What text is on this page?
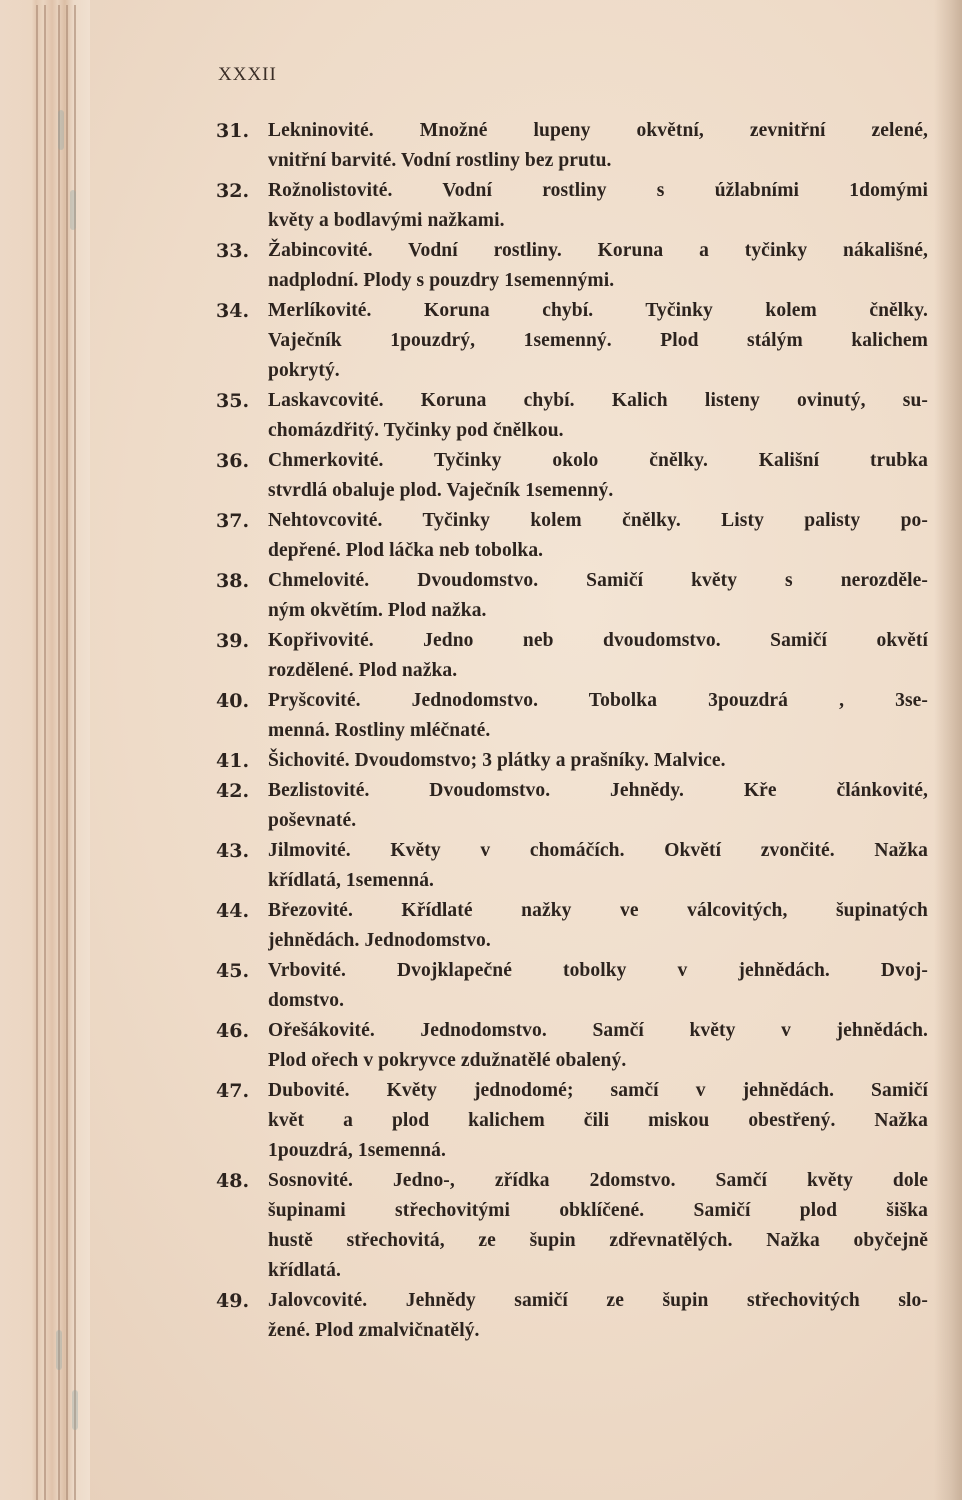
XXXII
31. Lekninovité. Množné lupeny okvětní, zevnitřní zelené,
vnitřní barvité. Vodní rostliny bez prutu.
32. Rožnolistovité. Vodní rostliny s úžlabními 1domými
květy a bodlavými nažkami.
33. Žabincovité. Vodní rostliny. Koruna a tyčinky nákališné,
nadplodní. Plody s pouzdry 1semennými.
34. Merlíkovité. Koruna chybí. Tyčinky kolem čnělky.
Vaječník 1pouzdrý, 1semenný. Plod stálým kalichem
pokrytý.
35. Laskavcovité. Koruna chybí. Kalich listeny ovinutý, su-
chomázdřitý. Tyčinky pod čnělkou.
36. Chmerkovité. Tyčinky okolo čnělky. Kališní trubka
stvrdlá obaluje plod. Vaječník 1semenný.
37. Nehtovcovité. Tyčinky kolem čnělky. Listy palisty po-
depřené. Plod láčka neb tobolka.
38. Chmelovité. Dvoudomstvo. Samičí květy s nerozděle-
ným okvětím. Plod nažka.
39. Kopřivovité. Jedno neb dvoudomstvo. Samičí okvětí
rozdělené. Plod nažka.
40. Pryšcovité. Jednodomstvo. Tobolka 3pouzdrá , 3se-
menná. Rostliny mléčnaté.
41. Šichovité. Dvoudomstvo; 3 plátky a prašníky. Malvice.
42. Bezlistovité. Dvoudomstvo. Jehnědy. Kře článkovité,
poševnaté.
43. Jilmovité. Květy v chomáčích. Okvětí zvončité. Nažka
křídlatá, 1semenná.
44. Březovité. Křídlaté nažky ve válcovitých, šupinatých
jehnědách. Jednodomstvo.
45. Vrbovité. Dvojklapečné tobolky v jehnědách. Dvoj-
domstvo.
46. Ořešákovité. Jednodomstvo. Samčí květy v jehnědách.
Plod ořech v pokryvce zdužnatělé obalený.
47. Dubovité. Květy jednodomé; samčí v jehnědách. Samičí
květ a plod kalichem čili miskou obestřený. Nažka
1pouzdrá, 1semenná.
48. Sosnovité. Jedno-, zřídka 2domstvo. Samčí květy dole
šupinami střechovitými obklíčené. Samičí plod šiška
hustě střechovitá, ze šupin zdřevnatělých. Nažka obyčejně
křídlatá.
49. Jalovcovité. Jehnědy samičí ze šupin střechovitých slo-
žené. Plod zmalvičnatělý.
